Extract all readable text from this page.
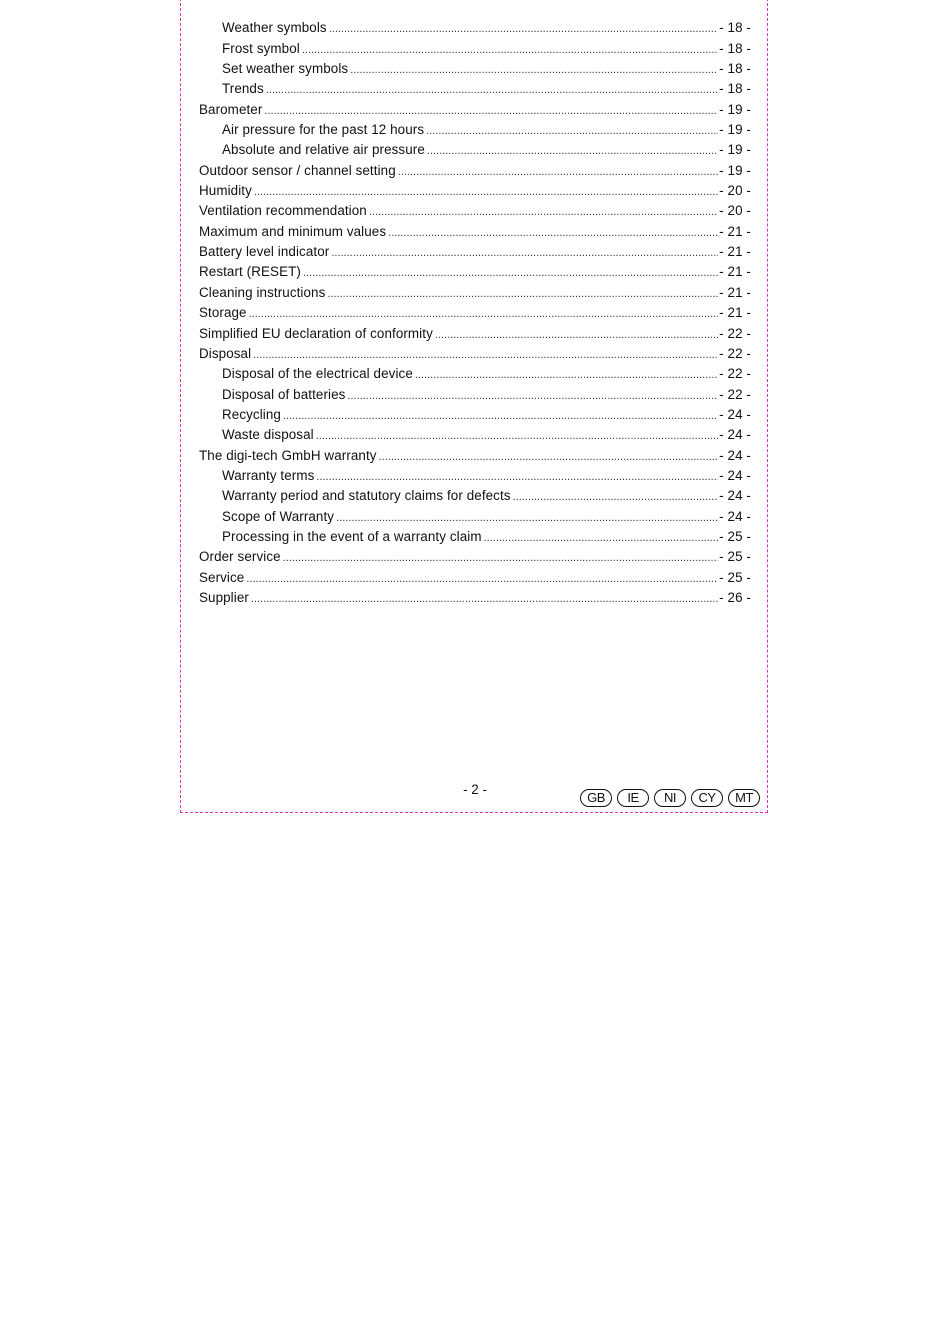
Weather symbols .....	- 18 -
Frost symbol .....	- 18 -
Set weather symbols .....	- 18 -
Trends .....	- 18 -
Barometer .....	- 19 -
Air pressure for the past 12 hours .....	- 19 -
Absolute and relative air pressure .....	- 19 -
Outdoor sensor / channel setting .....	- 19 -
Humidity .....	- 20 -
Ventilation recommendation .....	- 20 -
Maximum and minimum values .....	- 21 -
Battery level indicator .....	- 21 -
Restart (RESET) .....	- 21 -
Cleaning instructions .....	- 21 -
Storage .....	- 21 -
Simplified EU declaration of conformity .....	- 22 -
Disposal .....	- 22 -
Disposal of the electrical device .....	- 22 -
Disposal of batteries .....	- 22 -
Recycling .....	- 24 -
Waste disposal .....	- 24 -
The digi-tech GmbH warranty .....	- 24 -
Warranty terms .....	- 24 -
Warranty period and statutory claims for defects .....	- 24 -
Scope of Warranty .....	- 24 -
Processing in the event of a warranty claim .....	- 25 -
Order service .....	- 25 -
Service .....	- 25 -
Supplier .....	- 26 -
- 2 -
GB	IE	NI	CY	MT
